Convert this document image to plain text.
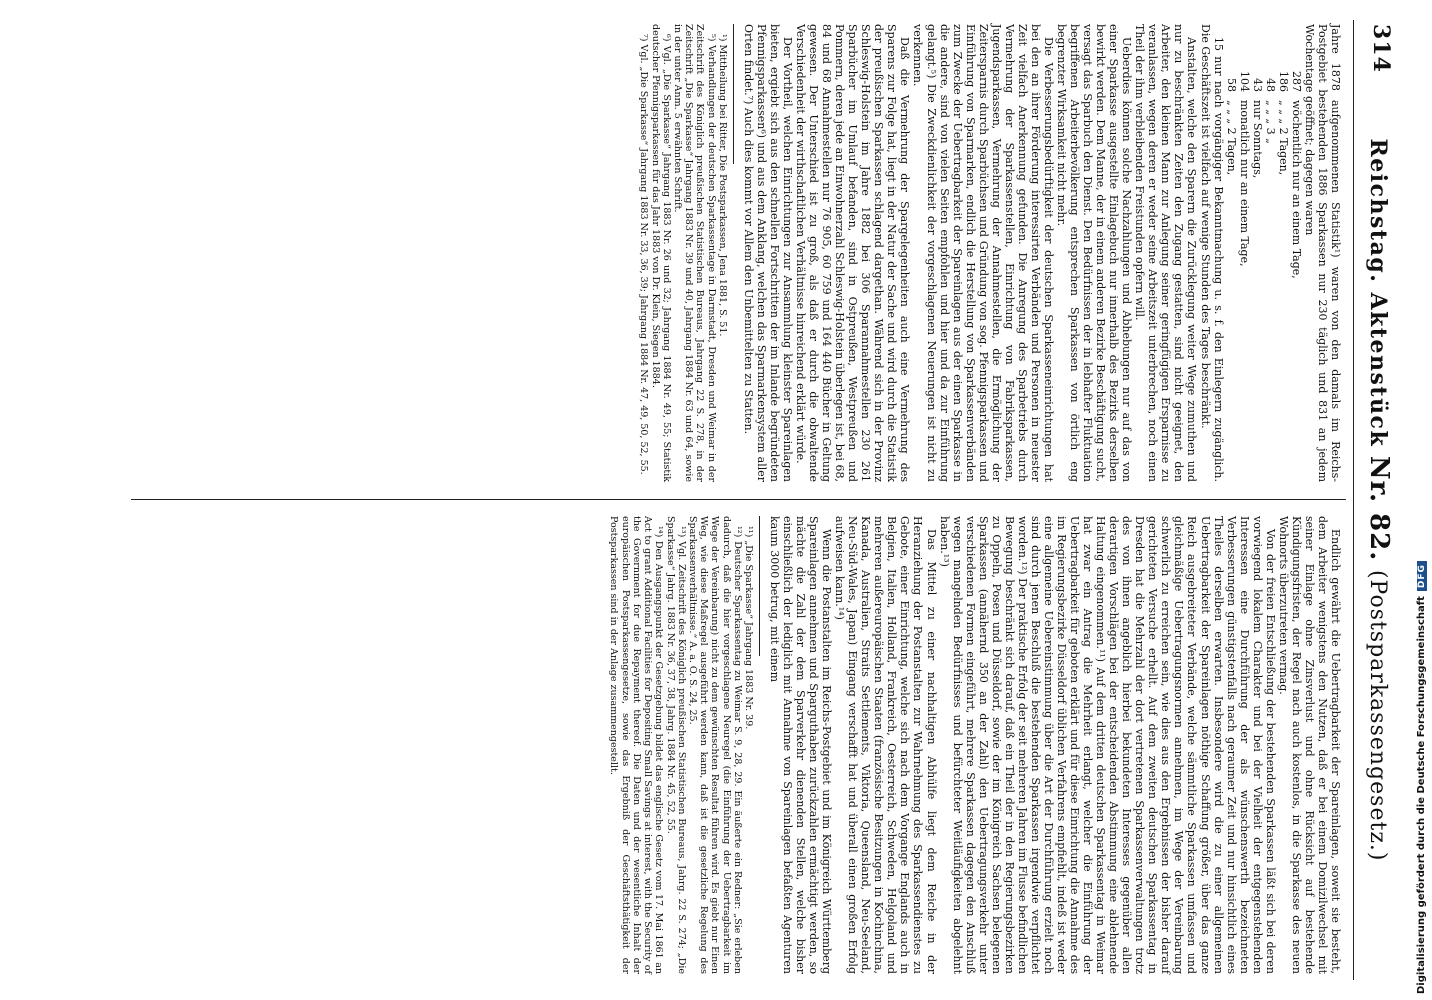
314
Reichstag. Aktenstück Nr. 82. (Postsparkassengesetz.)

Jahre 1878 aufgenommenen Statistik¹) waren von den damals im Reichs-Postgebiet bestehenden 1886 Sparkassen nur 230 täglich und 831 an jedem Wochentage geöffnet; dagegen waren

287
wöchentlich nur an einem Tage,
186
„ „ „ 2 Tagen,
48
„ „ „ 3 „
43
nur Sonntags,
104
monatlich nur an einem Tage,
58
„ „ „ 2 Tagen,

15 nur nach vorgängiger Bekanntmachung u. s. f. den Einlegern zugänglich. Die Geschäftszeit ist vielfach auf wenige Stunden des Tages beschränkt.

Anstalten, welche den Sparern die Zurücklegung weiter Wege zumuthen und nur zu beschränkten Zeiten den Zugang gestatten, sind nicht geeignet, den Arbeiter, den kleinen Mann zur Anlegung seiner geringfügigen Ersparnisse zu veranlassen, wegen deren er weder seine Arbeitszeit unterbrechen, noch einen Theil der ihm verbleibenden Freistunden opfern will.

Ueberdies können solche Nachzahlungen und Abhebungen nur auf das von einer Sparkasse ausgestellte Einlagebuch nur innerhalb des Bezirks derselben bewirkt werden. Dem Manne, der in einem anderen Bezirke Beschäftigung sucht, versagt das Sparbuch den Dienst. Den Bedürfnissen der in lebhafter Fluktuation begriffenen Arbeiterbevölkerung entsprechen Sparkassen von örtlich eng begrenzter Wirksamkeit nicht mehr.

Die Verbesserungsbedürftigkeit der deutschen Sparkasseneinrichtungen hat bei den an ihrer Förderung interessirten Verbänden und Personen in neuester Zeit vielfach Anerkennung gefunden. Die Anregung des Sparbetriebs durch Vermehrung der Sparkassenstellen, Einrichtung von Fabriksparkassen, Jugendsparkassen, Vermehrung der Annahmestellen, die Ermöglichung der Zeitersparnis durch Sparbüchsen und Gründung von sog. Pfennigsparkassen und Einführung von Sparmarken, endlich die Herstellung von Sparkassenverbänden zum Zwecke der Uebertragbarkeit der Spareinlagen aus der einen Sparkasse in die andere, sind von vielen Seiten empfohlen und hier und da zur Einführung gelangt.⁵) Die Zweckdienlichkeit der vorgeschlagenen Neuerungen ist nicht zu verkennen.

Daß die Vermehrung der Spargelegenheiten auch eine Vermehrung des Sparens zur Folge hat, liegt in der Natur der Sache und wird durch die Statistik der preußischen Sparkassen schlagend dargethan. Während sich in der Provinz Schleswig-Holstein im Jahre 1882 bei 306 Sparannahmestellen 230 261 Sparbücher im Umlauf befanden, sind in Ostpreußen, Westpreußen und Pommern, deren jede an Einwohnerzahl Schleswig-Holstein überlegen ist, bei 68, 84 und 68 Annahmestellen nur 76 905, 60 759 und 164 440 Bücher in Geltung gewesen. Der Unterschied ist zu groß, als daß er durch die obwaltende Verschiedenheit der wirthschaftlichen Verhältnisse hinreichend erklärt würde.

Der Vortheil, welchen Einrichtungen zur Ansammlung kleinster Spareinlagen bieten, ergiebt sich aus den schnellen Fortschritten der im Inlande begründeten Pfennigsparkassen⁶) und aus dem Anklang, welchen das Sparmarkensystem aller Orten findet.⁷) Auch dies kommt vor Allem den Unbemittelten zu Statten.

¹) Mittheilung bei Ritter, Die Postsparkassen, Jena 1881, S. 51.

⁵) Verhandlungen der deutschen Sparkassentage in Darmstadt, Dresden und Weimar in der Zeitschrift des Königlich preußischen Statistischen Bureaus, Jahrgang 22 S. 278, in der Zeitschrift „Die Sparkasse“ Jahrgang 1883 Nr. 39 und 40, Jahrgang 1884 Nr. 63 und 64, sowie in der unter Anm. 5 erwähnten Schrift.

⁶) Vgl. „Die Sparkasse“ Jahrgang 1883 Nr. 26 und 32; Jahrgang 1884 Nr. 49, 55; Statistik deutscher Pfennigsparkassen für das Jahr 1883 von Dr. Klein, Siegen 1884.

⁷) Vgl. „Die Sparkasse“ Jahrgang 1883 Nr. 33, 36, 39; Jahrgang 1884 Nr. 47, 49, 50, 52, 55.

Endlich gewährt die Uebertragbarkeit der Spareinlagen, soweit sie besteht, dem Arbeiter wenigstens den Nutzen, daß er bei einem Domizilwechsel mit seiner Einlage ohne Zinsverlust und ohne Rücksicht auf bestehende Kündigungsfristen, der Regel nach auch kostenlos, in die Sparkasse des neuen Wohnorts überzutreten vermag.

Von der freien Entschließung der bestehenden Sparkassen läßt sich bei deren vorwiegend lokalem Charakter und bei der Vielheit der entgegenstehenden Interessen eine Durchführung der als wünschenswerth bezeichneten Verbesserungen günstigstenfalls nach geraumer Zeit und nur hinsichtlich eines Theiles derselben erwarten. Insbesondere wird die zu einer allgemeinen Uebertragbarkeit der Spareinlagen nöthige Schaffung größer, über das ganze Reich ausgebreiteter Verbände, welche sämmtliche Sparkassen umfassen und gleichmäßige Uebertragungsnormen annehmen, im Wege der Vereinbarung schwerlich zu erreichen sein, wie dies aus den Ergebnissen der bisher darauf gerichteten Versuche erhellt. Auf dem zweiten deutschen Sparkassentag in Dresden hat die Mehrzahl der dort vertretenen Sparkassenverwaltungen trotz des von ihnen angeblich hierbei bekundeten Interesses gegenüber allen derartigen Vorschlägen bei der entscheidenden Abstimmung eine ablehnende Haltung eingenommen.¹¹) Auf dem dritten deutschen Sparkassentag in Weimar hat zwar ein Antrag die Mehrheit erlangt, welcher die Einführung der Uebertragbarkeit für geboten erklärt und für diese Einrichtung die Annahme des im Regierungsbezirke Düsseldorf üblichen Verfahrens empfiehlt, indeß ist weder eine allgemeine Uebereinstimmung über die Art der Durchführung erzielt noch sind durch jenen Beschluß die bestehenden Sparkassen irgendwie verpflichtet worden.¹²) Der praktische Erfolg der seit mehreren Jahren im Flusse befindlichen Bewegung beschränkt sich darauf, daß ein Theil der in den Regierungsbezirken zu Oppeln, Posen und Düsseldorf, sowie der im Königreich Sachsen belegenen Sparkassen (annähernd 350 an der Zahl) den Uebertragungsverkehr unter verschiedenen Formen eingeführt, mehrere Sparkassen dagegen den Anschluß wegen mangelnden Bedürfnisses und befürchteter Weitläufigkeiten abgelehnt haben.¹³)

Das Mittel zu einer nachhaltigen Abhülfe liegt dem Reiche in der Heranziehung der Postanstalten zur Wahrnehmung des Sparkassendienstes zu Gebote, einer Einrichtung, welche sich nach dem Vorgange Englands auch in Belgien, Italien, Holland, Frankreich, Oesterreich, Schweden, Helgoland und mehreren außereuropäischen Staaten (französische Besitzungen in Kochinchina, Kanada, Australien, Straits Settlements, Viktoria, Queensland, Neu-Seeland, Neu-Süd-Wales, Japan) Eingang verschafft hat und überall einen großen Erfolg aufweisen kann.¹⁴)

Wenn die Postanstalten im Reichs-Postgebiet und im Königreich Württemberg Spareinlagen annehmen und Sparguthaben zurückzahlen ermächtigt werden, so mächte die Zahl der dem Sparverkehr dienenden Stellen, welche bisher einschließlich der lediglich mit Annahme von Spareinlagen befaßten Agenturen kaum 3000 betrug, mit einem

¹¹) „Die Sparkasse“ Jahrgang 1883 Nr. 39.

¹²) Deutscher Sparkassentag zu Weimar S. 9, 28, 29. Ein äußerte ein Redner: „Sie erleben dadurch, daß die hier vorgeschlagene Neuregel (die Einführung der Uebertragbarkeit im Wege der Vereinbarung) nicht zu dem gewünschten Resultat führen wird. Es giebt nur Einen Weg, wie diese Maßregel ausgeführt werden kann, daß ist die gesetzliche Regelung des Sparkassenverhältnisse.“ A. a. O. S. 24, 25.

¹³) Vgl. Zeitschrift des Königlich preußischen Statistischen Bureaus, Jahrg. 22 S. 274; „Die Sparkasse“ Jahrg. 1883 Nr. 36, 37, 38, Jahrg. 1884 Nr. 45, 52, 55.

¹⁴) Den Ausgangspunkt der Gesetzgebung bildet das englische Gesetz vom 17. Mai 1861 an Act to grant Additional Facilities for Depositing Small Savings at interest, with the Security of the Government for due Repayment thereof. Die Daten und der wesentliche Inhalt der europäischen Postsparkassengesetze, sowie das Ergebniß der Geschäftsthätigkeit der Postsparkassen sind in der Anlage zusammengestellt.	Digitalisierung gefördert durch die Deutsche ForschungsgemeinschaftDFG
